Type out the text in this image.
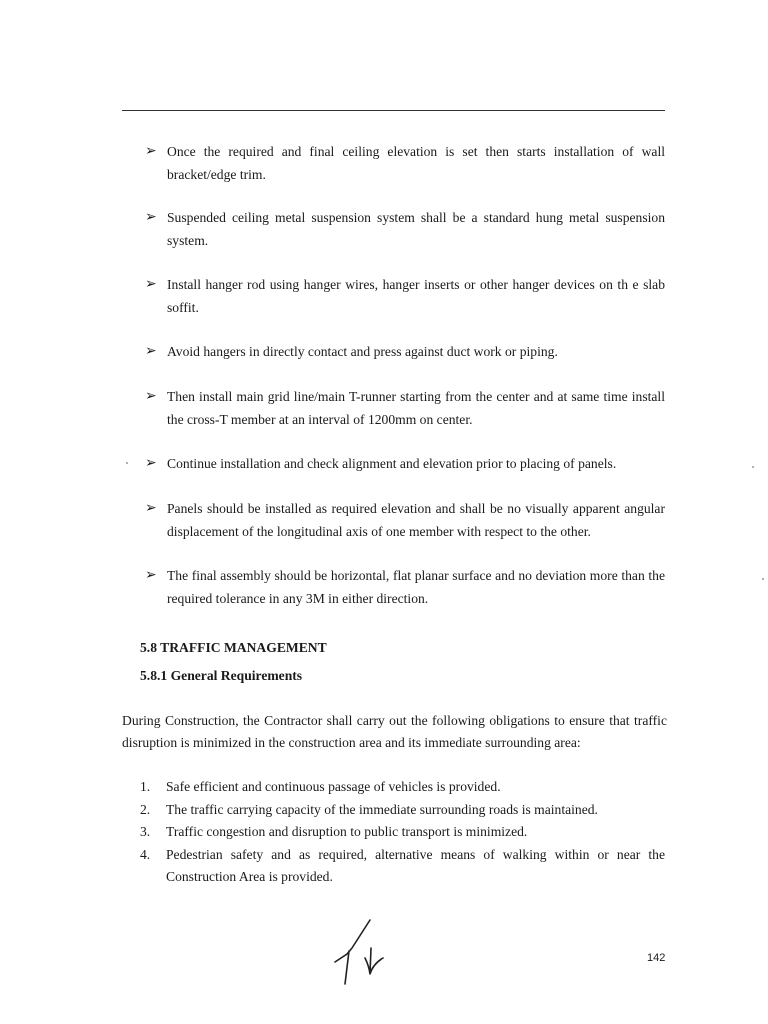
➢ Once the required and final ceiling elevation is set then starts installation of wall bracket/edge trim.
➢ Suspended ceiling metal suspension system shall be a standard hung metal suspension system.
➢ Install hanger rod using hanger wires, hanger inserts or other hanger devices on th e slab soffit.
➢ Avoid hangers in directly contact and press against duct work or piping.
➢ Then install main grid line/main T-runner starting from the center and at same time install the cross-T member at an interval of 1200mm on center.
➢ Continue installation and check alignment and elevation prior to placing of panels.
➢ Panels should be installed as required elevation and shall be no visually apparent angular displacement of the longitudinal axis of one member with respect to the other.
➢ The final assembly should be horizontal, flat planar surface and no deviation more than the required tolerance in any 3M in either direction.
5.8 TRAFFIC MANAGEMENT
5.8.1 General Requirements
During Construction, the Contractor shall carry out the following obligations to ensure that traffic disruption is minimized in the construction area and its immediate surrounding area:
1. Safe efficient and continuous passage of vehicles is provided.
2. The traffic carrying capacity of the immediate surrounding roads is maintained.
3. Traffic congestion and disruption to public transport is minimized.
4. Pedestrian safety and as required, alternative means of walking within or near the Construction Area is provided.
142
